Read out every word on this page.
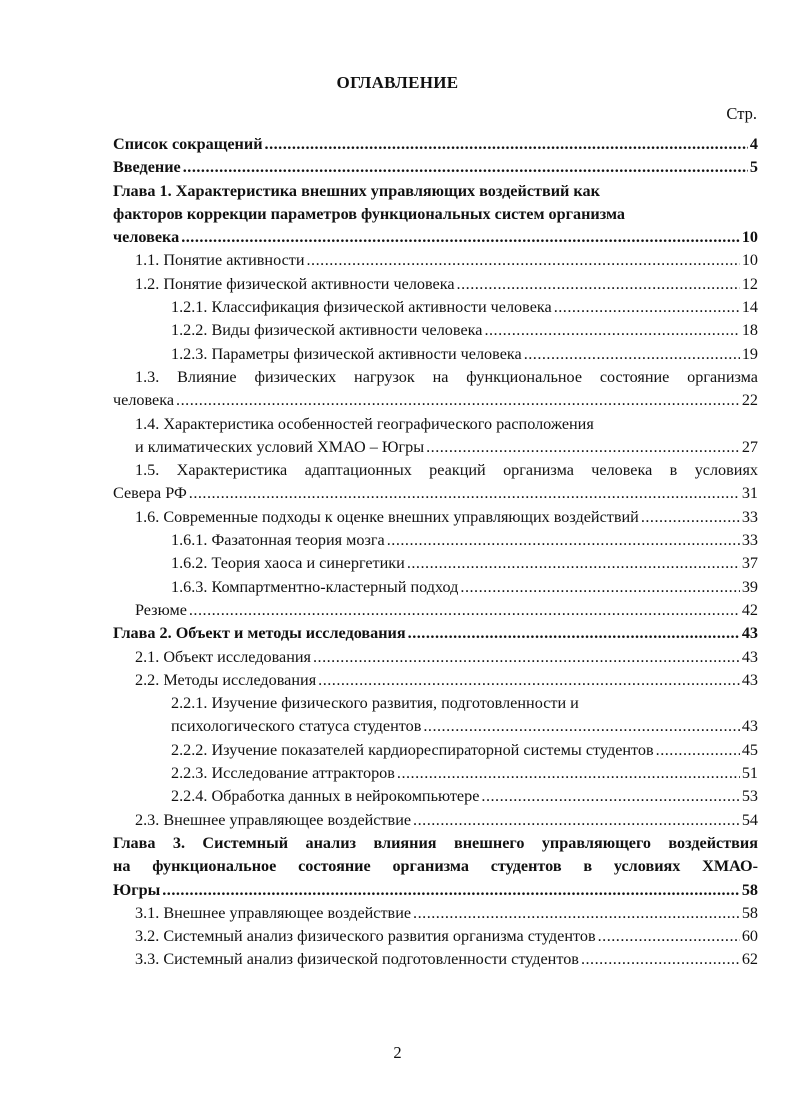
ОГЛАВЛЕНИЕ
Стр.
Список сокращений .....	4
Введение .....	5
Глава 1. Характеристика внешних управляющих воздействий как
факторов коррекции параметров функциональных систем организма
человека .....	10
1.1. Понятие активности .....	10
1.2. Понятие физической активности человека .....	12
1.2.1. Классификация физической активности человека .....	14
1.2.2. Виды физической активности человека .....	18
1.2.3. Параметры физической активности человека .....	19
1.3. Влияние физических нагрузок на функциональное состояние организма
человека .....	22
1.4. Характеристика особенностей географического расположения
и климатических условий ХМАО – Югры .....	27
1.5. Характеристика адаптационных реакций организма человека в условиях
Севера РФ .....	31
1.6. Современные подходы к оценке внешних управляющих воздействий .....	33
1.6.1. Фазатонная теория мозга .....	33
1.6.2. Теория хаоса и синергетики .....	37
1.6.3. Компартментно-кластерный подход .....	39
Резюме .....	42
Глава 2. Объект и методы исследования .....	43
2.1. Объект исследования .....	43
2.2. Методы исследования .....	43
2.2.1. Изучение физического развития, подготовленности и
психологического статуса студентов .....	43
2.2.2. Изучение показателей кардиореспираторной системы студентов .....	45
2.2.3. Исследование аттракторов .....	51
2.2.4. Обработка данных в нейрокомпьютере .....	53
2.3. Внешнее управляющее воздействие .....	54
Глава 3. Системный анализ влияния внешнего управляющего воздействия
на функциональное состояние организма студентов в условиях ХМАО-
Югры .....	58
3.1. Внешнее управляющее воздействие .....	58
3.2. Системный анализ физического развития организма студентов .....	60
3.3. Системный анализ физической подготовленности студентов .....	62
2
